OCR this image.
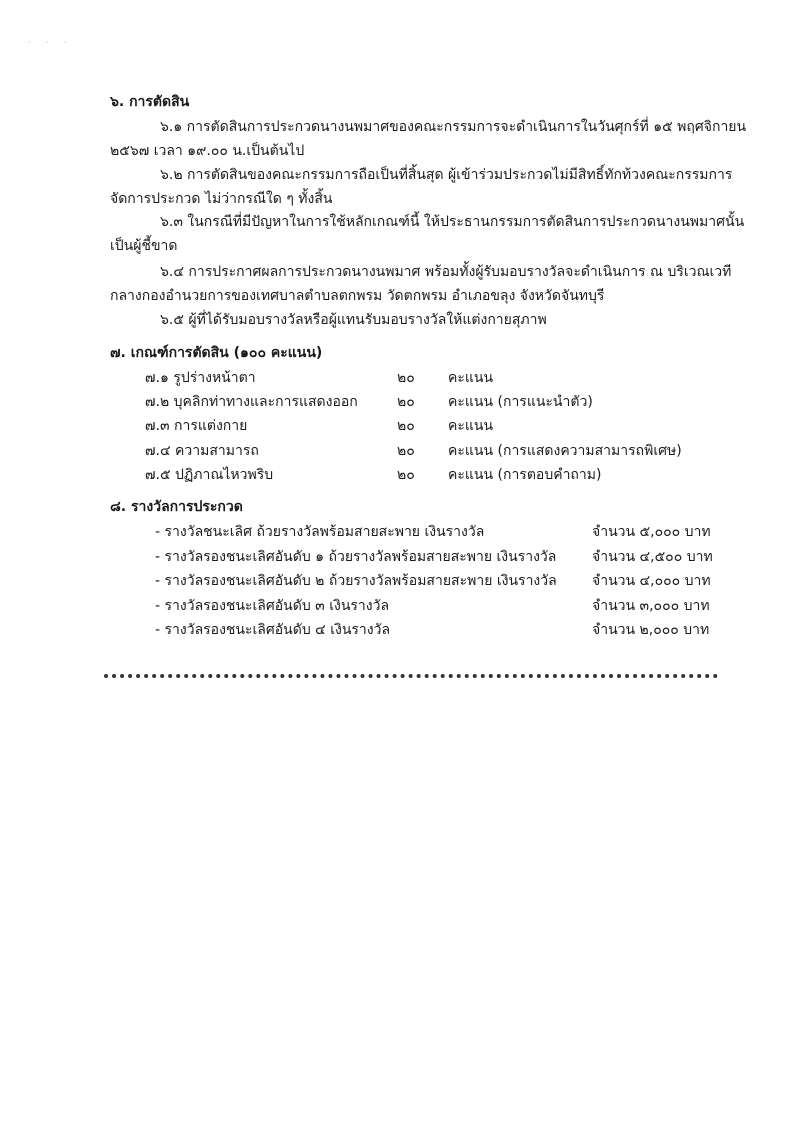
· · ·
๖. การตัดสิน
๖.๑ การตัดสินการประกวดนางนพมาศของคณะกรรมการจะดำเนินการในวันศุกร์ที่ ๑๕ พฤศจิกายน
๒๕๖๗ เวลา ๑๙.๐๐ น.เป็นต้นไป
๖.๒ การตัดสินของคณะกรรมการถือเป็นที่สิ้นสุด ผู้เข้าร่วมประกวดไม่มีสิทธิ์ทักท้วงคณะกรรมการ
จัดการประกวด ไม่ว่ากรณีใด ๆ ทั้งสิ้น
๖.๓ ในกรณีที่มีปัญหาในการใช้หลักเกณฑ์นี้ ให้ประธานกรรมการตัดสินการประกวดนางนพมาศนั้น
เป็นผู้ชี้ขาด
๖.๔ การประกาศผลการประกวดนางนพมาศ พร้อมทั้งผู้รับมอบรางวัลจะดำเนินการ ณ บริเวณเวที
กลางกองอำนวยการของเทศบาลตำบลตกพรม วัดตกพรม อำเภอขลุง จังหวัดจันทบุรี
๖.๕ ผู้ที่ได้รับมอบรางวัลหรือผู้แทนรับมอบรางวัลให้แต่งกายสุภาพ
๗. เกณฑ์การตัดสิน (๑๐๐ คะแนน)
๗.๑ รูปร่างหน้าตา	๒๐ คะแนน
๗.๒ บุคลิกท่าทางและการแสดงออก	๒๐ คะแนน (การแนะนำตัว)
๗.๓ การแต่งกาย	๒๐ คะแนน
๗.๔ ความสามารถ	๒๐ คะแนน (การแสดงความสามารถพิเศษ)
๗.๕ ปฏิภาณไหวพริบ	๒๐ คะแนน (การตอบคำถาม)
๘. รางวัลการประกวด
- รางวัลชนะเลิศ ถ้วยรางวัลพร้อมสายสะพาย เงินรางวัล	จำนวน ๕,๐๐๐ บาท
- รางวัลรองชนะเลิศอันดับ ๑ ถ้วยรางวัลพร้อมสายสะพาย เงินรางวัล	จำนวน ๔,๕๐๐ บาท
- รางวัลรองชนะเลิศอันดับ ๒ ถ้วยรางวัลพร้อมสายสะพาย เงินรางวัล	จำนวน ๔,๐๐๐ บาท
- รางวัลรองชนะเลิศอันดับ ๓ เงินรางวัล	จำนวน ๓,๐๐๐ บาท
- รางวัลรองชนะเลิศอันดับ ๔ เงินรางวัล	จำนวน ๒,๐๐๐ บาท
